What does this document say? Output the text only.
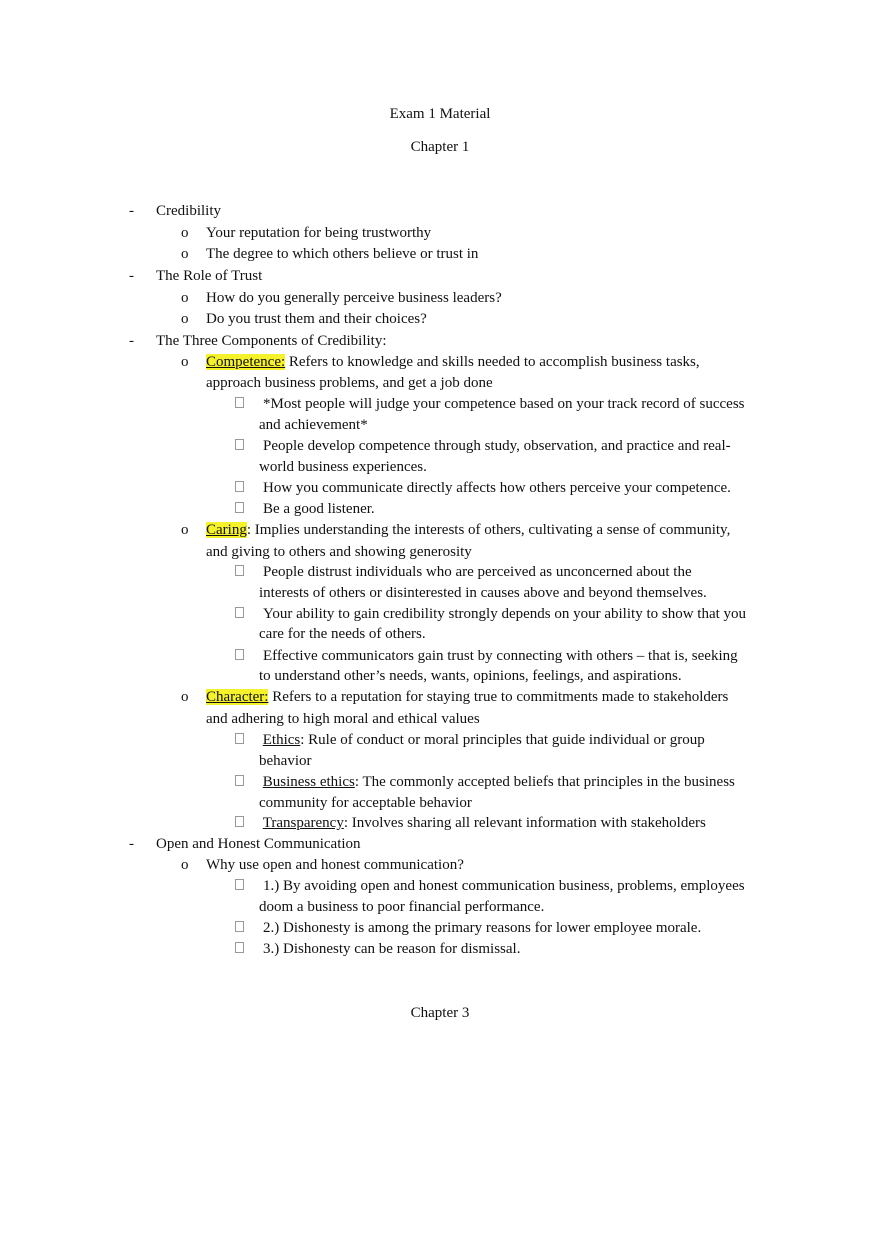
Exam 1 Material
Chapter 1
- Credibility
o Your reputation for being trustworthy
o The degree to which others believe or trust in
- The Role of Trust
o How do you generally perceive business leaders?
o Do you trust them and their choices?
- The Three Components of Credibility:
o Competence: Refers to knowledge and skills needed to accomplish business tasks,
approach business problems, and get a job done
*Most people will judge your competence based on your track record of success
and achievement*
People develop competence through study, observation, and practice and real-
world business experiences.
How you communicate directly affects how others perceive your competence.
Be a good listener.
o Caring: Implies understanding the interests of others, cultivating a sense of community,
and giving to others and showing generosity
People distrust individuals who are perceived as unconcerned about the
interests of others or disinterested in causes above and beyond themselves.
Your ability to gain credibility strongly depends on your ability to show that you
care for the needs of others.
Effective communicators gain trust by connecting with others – that is, seeking
to understand other’s needs, wants, opinions, feelings, and aspirations.
o Character: Refers to a reputation for staying true to commitments made to stakeholders
and adhering to high moral and ethical values
Ethics: Rule of conduct or moral principles that guide individual or group
behavior
Business ethics: The commonly accepted beliefs that principles in the business
community for acceptable behavior
Transparency: Involves sharing all relevant information with stakeholders
- Open and Honest Communication
o Why use open and honest communication?
1.) By avoiding open and honest communication business, problems, employees
doom a business to poor financial performance.
2.) Dishonesty is among the primary reasons for lower employee morale.
3.) Dishonesty can be reason for dismissal.
Chapter 3
